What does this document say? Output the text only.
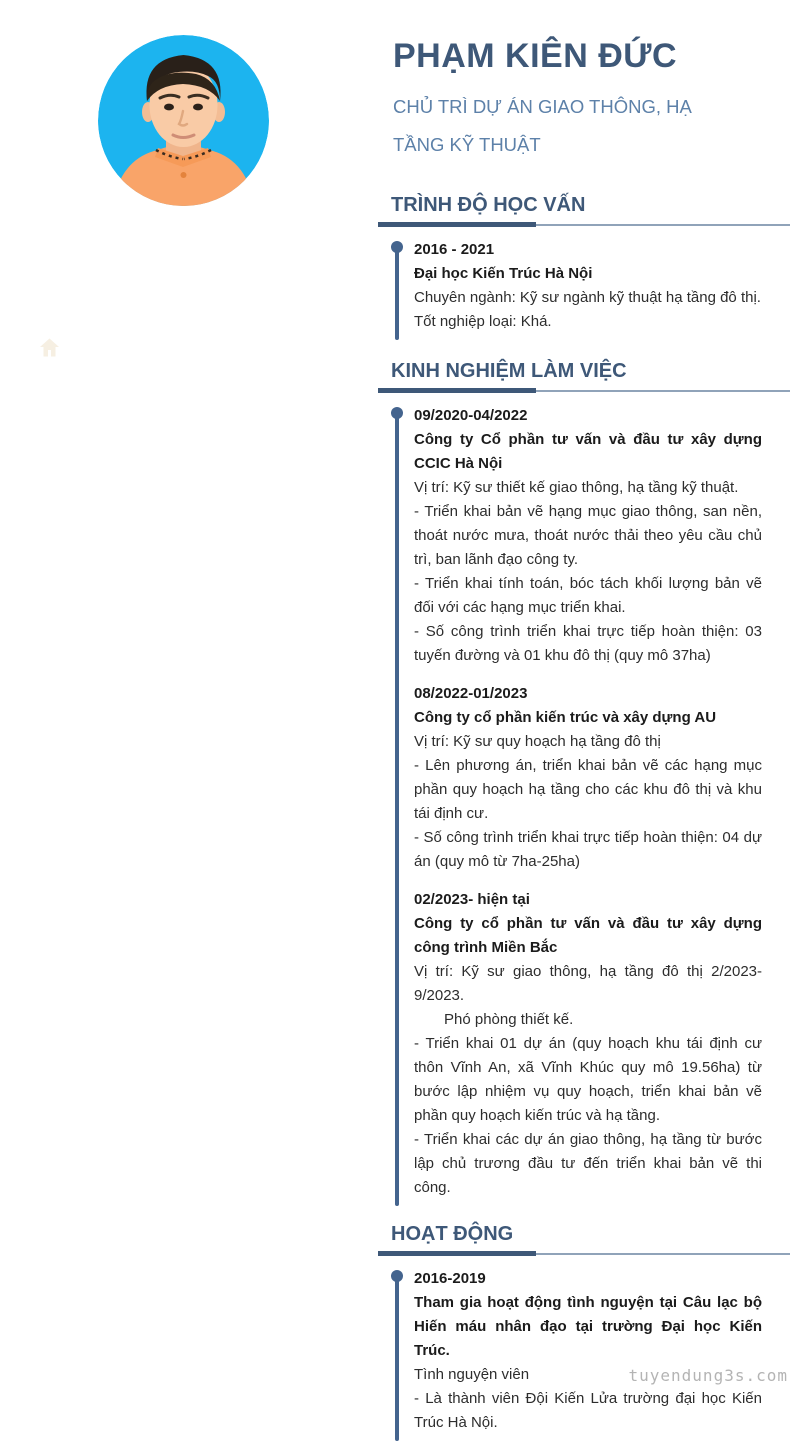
PHẠM KIÊN ĐỨC
CHỦ TRÌ DỰ ÁN GIAO THÔNG, HẠ TẦNG KỸ THUẬT
TRÌNH ĐỘ HỌC VẤN

2016 - 2021

Đại học Kiến Trúc Hà Nội

Chuyên ngành: Kỹ sư ngành kỹ thuật hạ tầng đô thị.

Tốt nghiệp loại: Khá.

KINH NGHIỆM LÀM VIỆC

09/2020-04/2022

Công ty Cổ phần tư vấn và đầu tư xây dựng CCIC Hà Nội

Vị trí: Kỹ sư thiết kế giao thông, hạ tầng kỹ thuật.

- Triển khai bản vẽ hạng mục giao thông, san nền, thoát nước mưa, thoát nước thải theo yêu cầu chủ trì, ban lãnh đạo công ty.

- Triển khai tính toán, bóc tách khối lượng bản vẽ đối với các hạng mục triển khai.

- Số công trình triển khai trực tiếp hoàn thiện: 03 tuyến đường và 01 khu đô thị (quy mô 37ha)

08/2022-01/2023

Công ty cổ phần kiến trúc và xây dựng AU

Vị trí: Kỹ sư quy hoạch hạ tầng đô thị

- Lên phương án, triển khai bản vẽ các hạng mục phần quy hoạch hạ tầng cho các khu đô thị và khu tái định cư.

- Số công trình triển khai trực tiếp hoàn thiện: 04 dự án (quy mô từ 7ha-25ha)

02/2023- hiện tại

Công ty cổ phần tư vấn và đầu tư xây dựng công trình Miền Bắc

Vị trí: Kỹ sư giao thông, hạ tầng đô thị 2/2023-9/2023.

Phó phòng thiết kế.

- Triển khai 01 dự án (quy hoạch khu tái định cư thôn Vĩnh An, xã Vĩnh Khúc quy mô 19.56ha) từ bước lập nhiệm vụ quy hoạch, triển khai bản vẽ phần quy hoạch kiến trúc và hạ tầng.

- Triển khai các dự án giao thông, hạ tầng từ bước lập chủ trương đầu tư đến triển khai bản vẽ thi công.

HOẠT ĐỘNG

2016-2019

Tham gia hoạt động tình nguyện tại Câu lạc bộ Hiến máu nhân đạo tại trường Đại học Kiến Trúc.

Tình nguyện viên

- Là thành viên Đội Kiến Lửa trường đại học Kiến Trúc Hà Nội.

tuyendung3s.com
